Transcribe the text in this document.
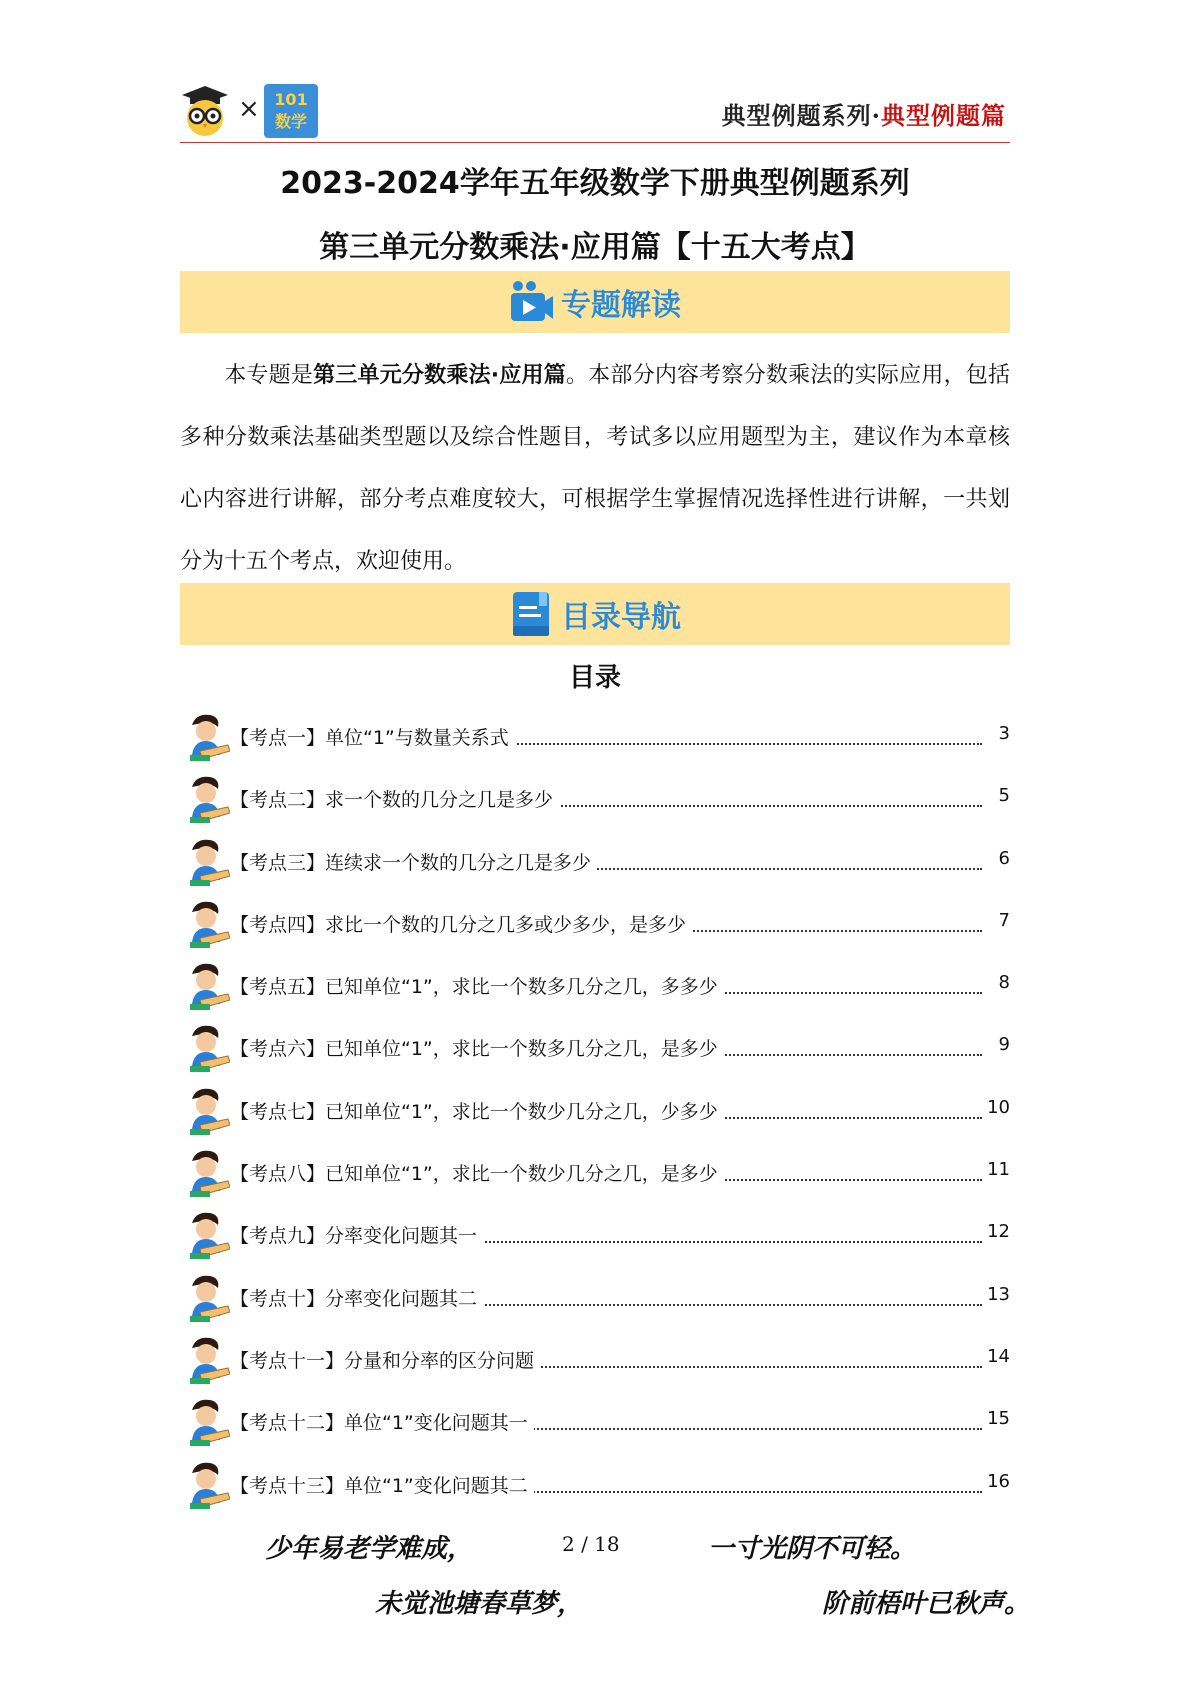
× 101 数学	典型例题系列·典型例题篇
2023-2024学年五年级数学下册典型例题系列
第三单元分数乘法·应用篇【十五大考点】
专题解读

本专题是第三单元分数乘法·应用篇。本部分内容考察分数乘法的实际应用，包括多种分数乘法基础类型题以及综合性题目，考试多以应用题型为主，建议作为本章核心内容进行讲解，部分考点难度较大，可根据学生掌握情况选择性进行讲解，一共划分为十五个考点，欢迎使用。

目录导航
目录
【考点一】单位“1”与数量关系式	3
【考点二】求一个数的几分之几是多少	5
【考点三】连续求一个数的几分之几是多少	6
【考点四】求比一个数的几分之几多或少多少，是多少	7
【考点五】已知单位“1”，求比一个数多几分之几，多多少	8
【考点六】已知单位“1”，求比一个数多几分之几，是多少	9
【考点七】已知单位“1”，求比一个数少几分之几，少多少	10
【考点八】已知单位“1”，求比一个数少几分之几，是多少	11
【考点九】分率变化问题其一	12
【考点十】分率变化问题其二	13
【考点十一】分量和分率的区分问题	14
【考点十二】单位“1”变化问题其一	15
【考点十三】单位“1”变化问题其二	16
少年易老学难成，	2 / 18	一寸光阴不可轻。
未觉池塘春草梦，	阶前梧叶已秋声。
